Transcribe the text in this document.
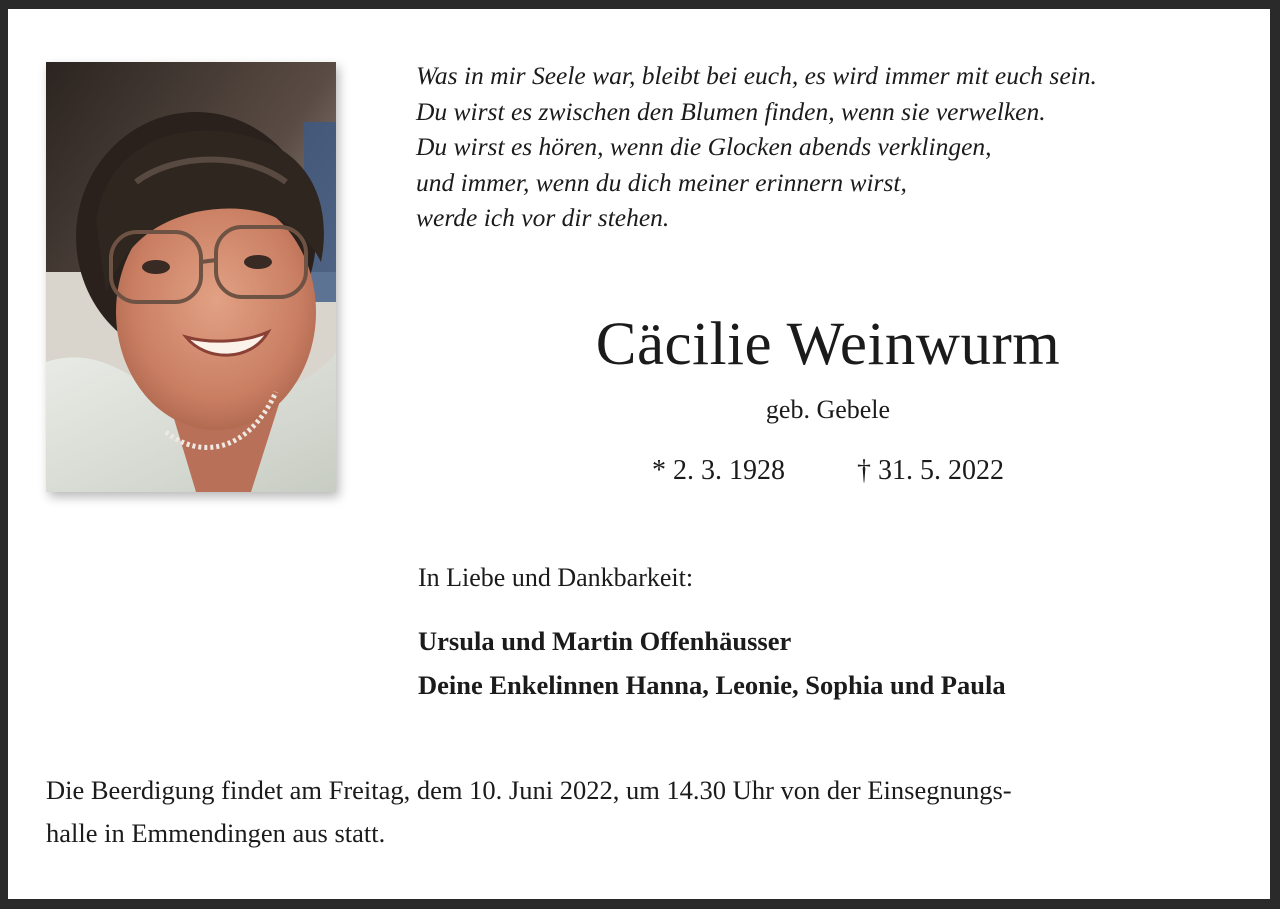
Was in mir Seele war, bleibt bei euch, es wird immer mit euch sein.
Du wirst es zwischen den Blumen finden, wenn sie verwelken.
Du wirst es hören, wenn die Glocken abends verklingen,
und immer, wenn du dich meiner erinnern wirst,
werde ich vor dir stehen.
Cäcilie Weinwurm
geb. Gebele
* 2. 3. 1928	† 31. 5. 2022
In Liebe und Dankbarkeit:
Ursula und Martin Offenhäusser
Deine Enkelinnen Hanna, Leonie, Sophia und Paula
Die Beerdigung findet am Freitag, dem 10. Juni 2022, um 14.30 Uhr von der Einsegnungs-
halle in Emmendingen aus statt.
